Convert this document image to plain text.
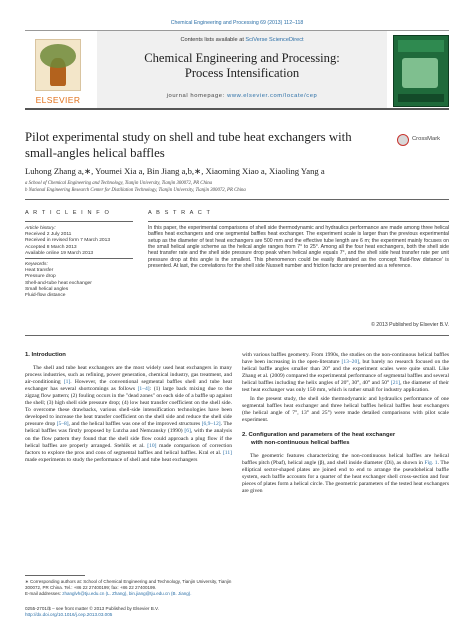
Chemical Engineering and Processing 69 (2013) 112–118
ELSEVIER
Contents lists available at SciVerse ScienceDirect
Chemical Engineering and Processing:
Process Intensification
journal homepage: www.elsevier.com/locate/cep
Pilot experimental study on shell and tube heat exchangers with small-angles helical baffles
CrossMark
Luhong Zhang a,∗, Youmei Xia a, Bin Jiang a,b,∗, Xiaoming Xiao a, Xiaoling Yang a
a School of Chemical Engineering and Technology, Tianjin University, Tianjin 300072, PR China
b National Engineering Research Center for Distillation Technology, Tianjin University, Tianjin 300072, PR China
A R T I C L E I N F O	A B S T R A C T
Article history:
Received 2 July 2011
Received in revised form 7 March 2013
Accepted 8 March 2013
Available online 19 March 2013
Keywords:
Heat transfer
Pressure drop
Shell-and-tube heat exchanger
Small helical angles
Fluid-flow distance
In this paper, the experimental comparisons of shell side thermodynamic and hydraulics performance are made among three helical baffles heat exchangers and one segmental baffles heat exchanger. The experiment scale is larger than the previous experimental setup as the diameter of test heat exchangers are 500 mm and the effective tube length are 6 m; the experiment mainly focuses on the small helical angle scheme as the helical angle ranges from 7° to 25°. Among all the four heat exchangers, both the shell side heat transfer rate and the shell side pressure drop peak when helical angle equals 7°, and the shell side heat transfer rate per unit pressure drop at this angle is the smallest. This phenomenon could be easily illustrated as the concept 'fluid-flow distance' is presented. At last, the correlations for the shell side Nusselt number and friction factor are presented as a reference.
© 2013 Published by Elsevier B.V.
1. Introduction

The shell and tube heat exchangers are the most widely used heat exchangers in many process industries, such as refining, power generation, chemical industry, gas treatment, and air-conditioning [1]. However, the conventional segmental baffles shell and tube heat exchanger has several shortcomings as follows [1–4]: (1) large back mixing due to the zigzag flow pattern; (2) fouling occurs in the "dead zones" on each side of a baffle up against the shell; (3) high shell side pressure drop; (4) low heat transfer coefficient on the shell side. To overcome these drawbacks, various shell-side intensification technologies have been developed to increase the heat transfer coefficient on the shell side and reduce the shell side pressure drop [5–8], and the helical baffles was one of the improved structures [6,9–12]. The helical baffles was firstly proposed by Lutcha and Nemcansky (1990) [6], with the analysis on the flow pattern they found that the shell side flow could approach a plug flow if the helical baffles are properly arranged. Stehlik et al. [10] made comparison of correction factors to explore the pros and cons of segmental baffles and helical baffles. Kral et al. [11] made experiments to study the performance of shell and tube heat exchangers

with various baffles geometry. From 1990s, the studies on the non-continuous helical baffles have been increasing in the open-literature [13–20], but barely no research focused on the helical baffle angles smaller than 20° and the experiment scales were quite small. Like Zhang et al. (2009) compared the experimental performance of segmental baffles and several helical baffles including the helix angles of 20°, 30°, 40° and 50° [21], the diameter of their test heat exchanger was only 150 mm, which is rather small for industry application.

In the present study, the shell side thermodynamic and hydraulics performance of one segmental baffles heat exchanger and three helical baffles helical baffles heat exchangers (the helical angle of 7°, 13° and 25°) were made detailed comparisons with pilot scale experiment.

2. Configuration and parameters of the heat exchanger
with non-continuous helical baffles

The geometric features characterizing the non-continuous helical baffles are helical baffles pitch (Pbaf), helical angle (β), and shell inside diameter (Di), as shown in Fig. 1. The elliptical sector-shaped plates are joined end to end to arrange the pseudohelical baffle system, each baffle accounts for a quarter of the heat exchanger shell cross-section and four pieces of plates form a helical circle. The geometric parameters of the tested heat exchangers are given

∗ Corresponding authors at: School of Chemical Engineering and Technology, Tianjin University, Tianjin 300072, PR China. Tel.: +86 22 27400199; fax: +86 22 27400199.
E-mail addresses: zhanglvh@tju.edu.cn (L. Zhang), bin.jiang@tju.edu.cn (B. Jiang).
0255-2701/$ – see front matter © 2013 Published by Elsevier B.V.
http://dx.doi.org/10.1016/j.cep.2013.03.005
